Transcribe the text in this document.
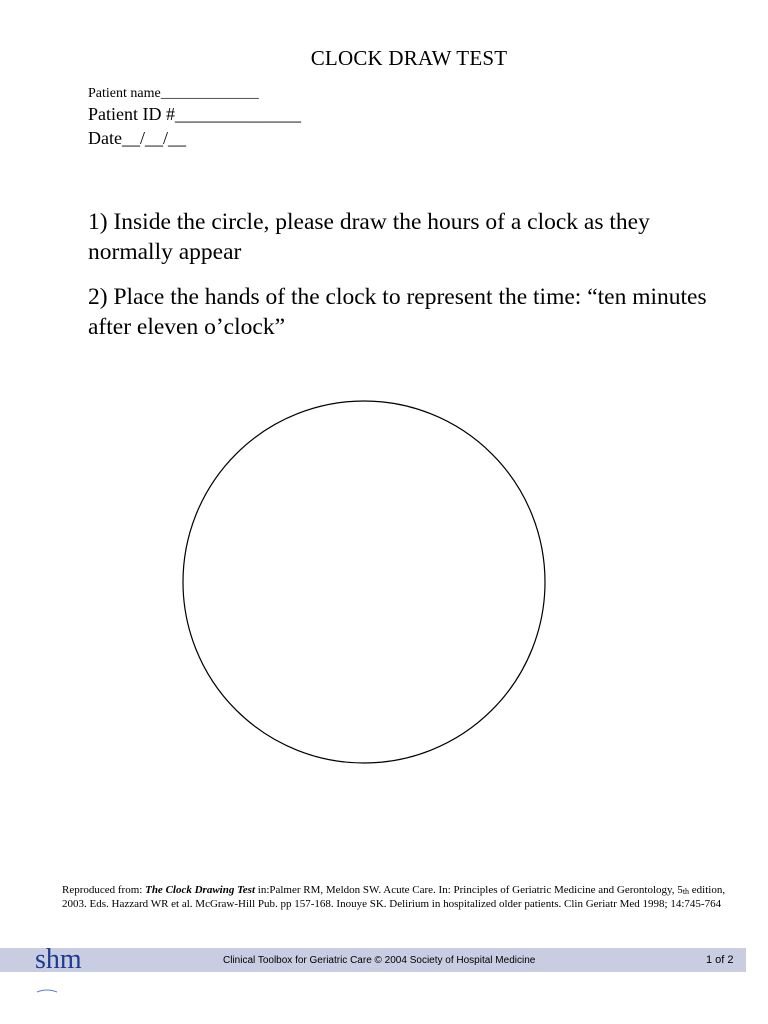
CLOCK DRAW TEST
Patient name______________
Patient ID #______________
Date__/__/__
1) Inside the circle, please draw the hours of a clock as they normally appear
2) Place the hands of the clock to represent the time: “ten minutes after eleven o’clock”
Reproduced from: The Clock Drawing Test in:Palmer RM, Meldon SW. Acute Care. In: Principles of Geriatric Medicine and Gerontology, $5_{th}$ edition, 2003. Eds. Hazzard WR et al. McGraw-Hill Pub. pp 157-168. Inouye SK. Delirium in hospitalized older patients. Clin Geriatr Med 1998; 14:745-764
shm	Clinical Toolbox for Geriatric Care © 2004 Society of Hospital Medicine	1 of 2
